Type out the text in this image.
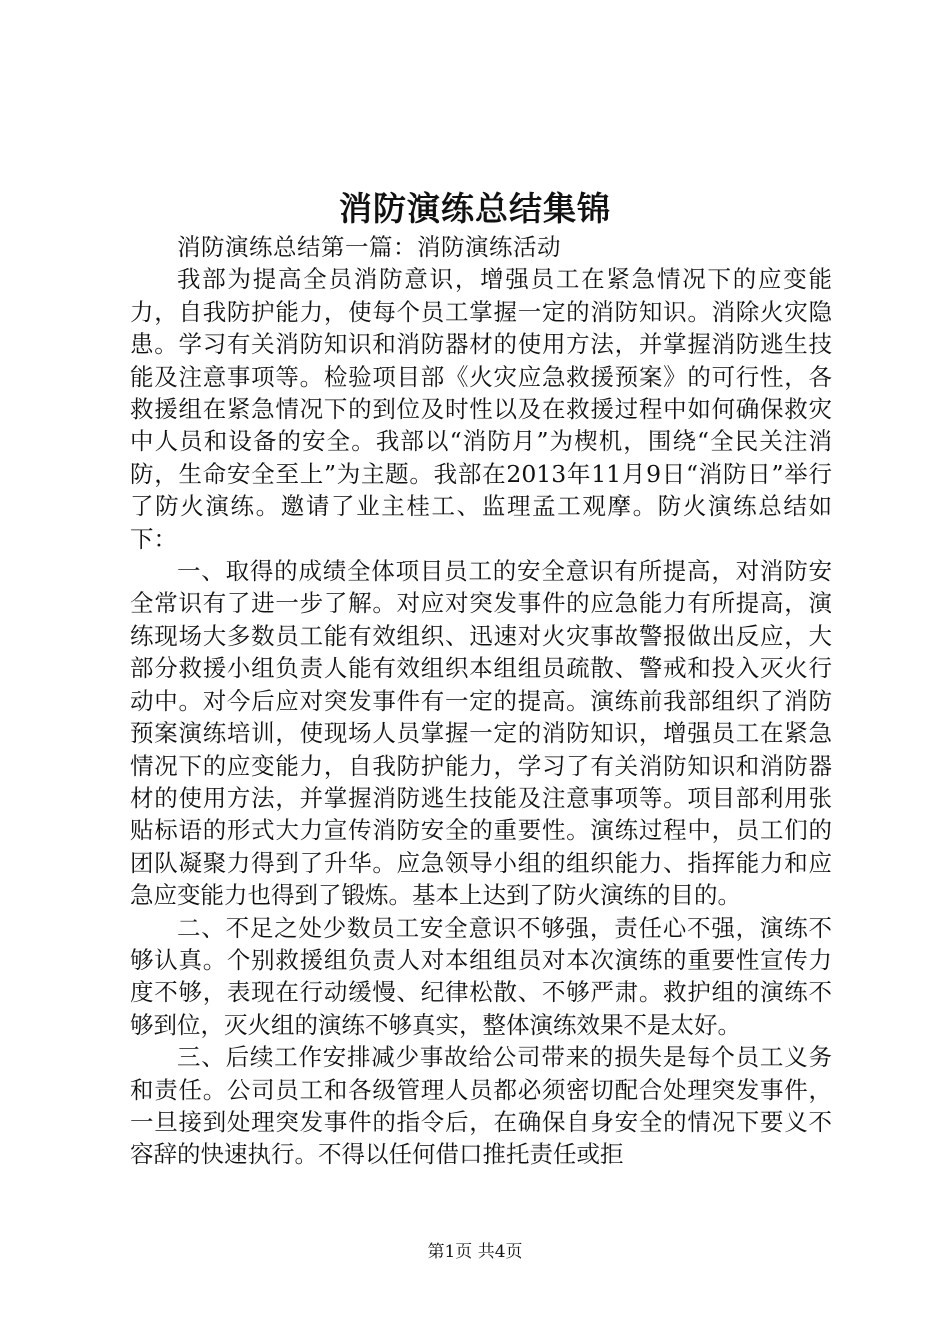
消防演练总结集锦

消防演练总结第一篇：消防演练活动

我部为提高全员消防意识，增强员工在紧急情况下的应变能力，自我防护能力，使每个员工掌握一定的消防知识。消除火灾隐患。学习有关消防知识和消防器材的使用方法，并掌握消防逃生技能及注意事项等。检验项目部《火灾应急救援预案》的可行性，各救援组在紧急情况下的到位及时性以及在救援过程中如何确保救灾中人员和设备的安全。我部以“消防月”为楔机，围绕“全民关注消防，生命安全至上”为主题。我部在2013年11月9日“消防日”举行了防火演练。邀请了业主桂工、监理孟工观摩。防火演练总结如下：

一、取得的成绩全体项目员工的安全意识有所提高，对消防安全常识有了进一步了解。对应对突发事件的应急能力有所提高，演练现场大多数员工能有效组织、迅速对火灾事故警报做出反应，大部分救援小组负责人能有效组织本组组员疏散、警戒和投入灭火行动中。对今后应对突发事件有一定的提高。演练前我部组织了消防预案演练培训，使现场人员掌握一定的消防知识，增强员工在紧急情况下的应变能力，自我防护能力，学习了有关消防知识和消防器材的使用方法，并掌握消防逃生技能及注意事项等。项目部利用张贴标语的形式大力宣传消防安全的重要性。演练过程中，员工们的团队凝聚力得到了升华。应急领导小组的组织能力、指挥能力和应急应变能力也得到了锻炼。基本上达到了防火演练的目的。

二、不足之处少数员工安全意识不够强，责任心不强，演练不够认真。个别救援组负责人对本组组员对本次演练的重要性宣传力度不够，表现在行动缓慢、纪律松散、不够严肃。救护组的演练不够到位，灭火组的演练不够真实，整体演练效果不是太好。

三、后续工作安排减少事故给公司带来的损失是每个员工义务和责任。公司员工和各级管理人员都必须密切配合处理突发事件，一旦接到处理突发事件的指令后，在确保自身安全的情况下要义不容辞的快速执行。不得以任何借口推托责任或拒

第1页 共4页
